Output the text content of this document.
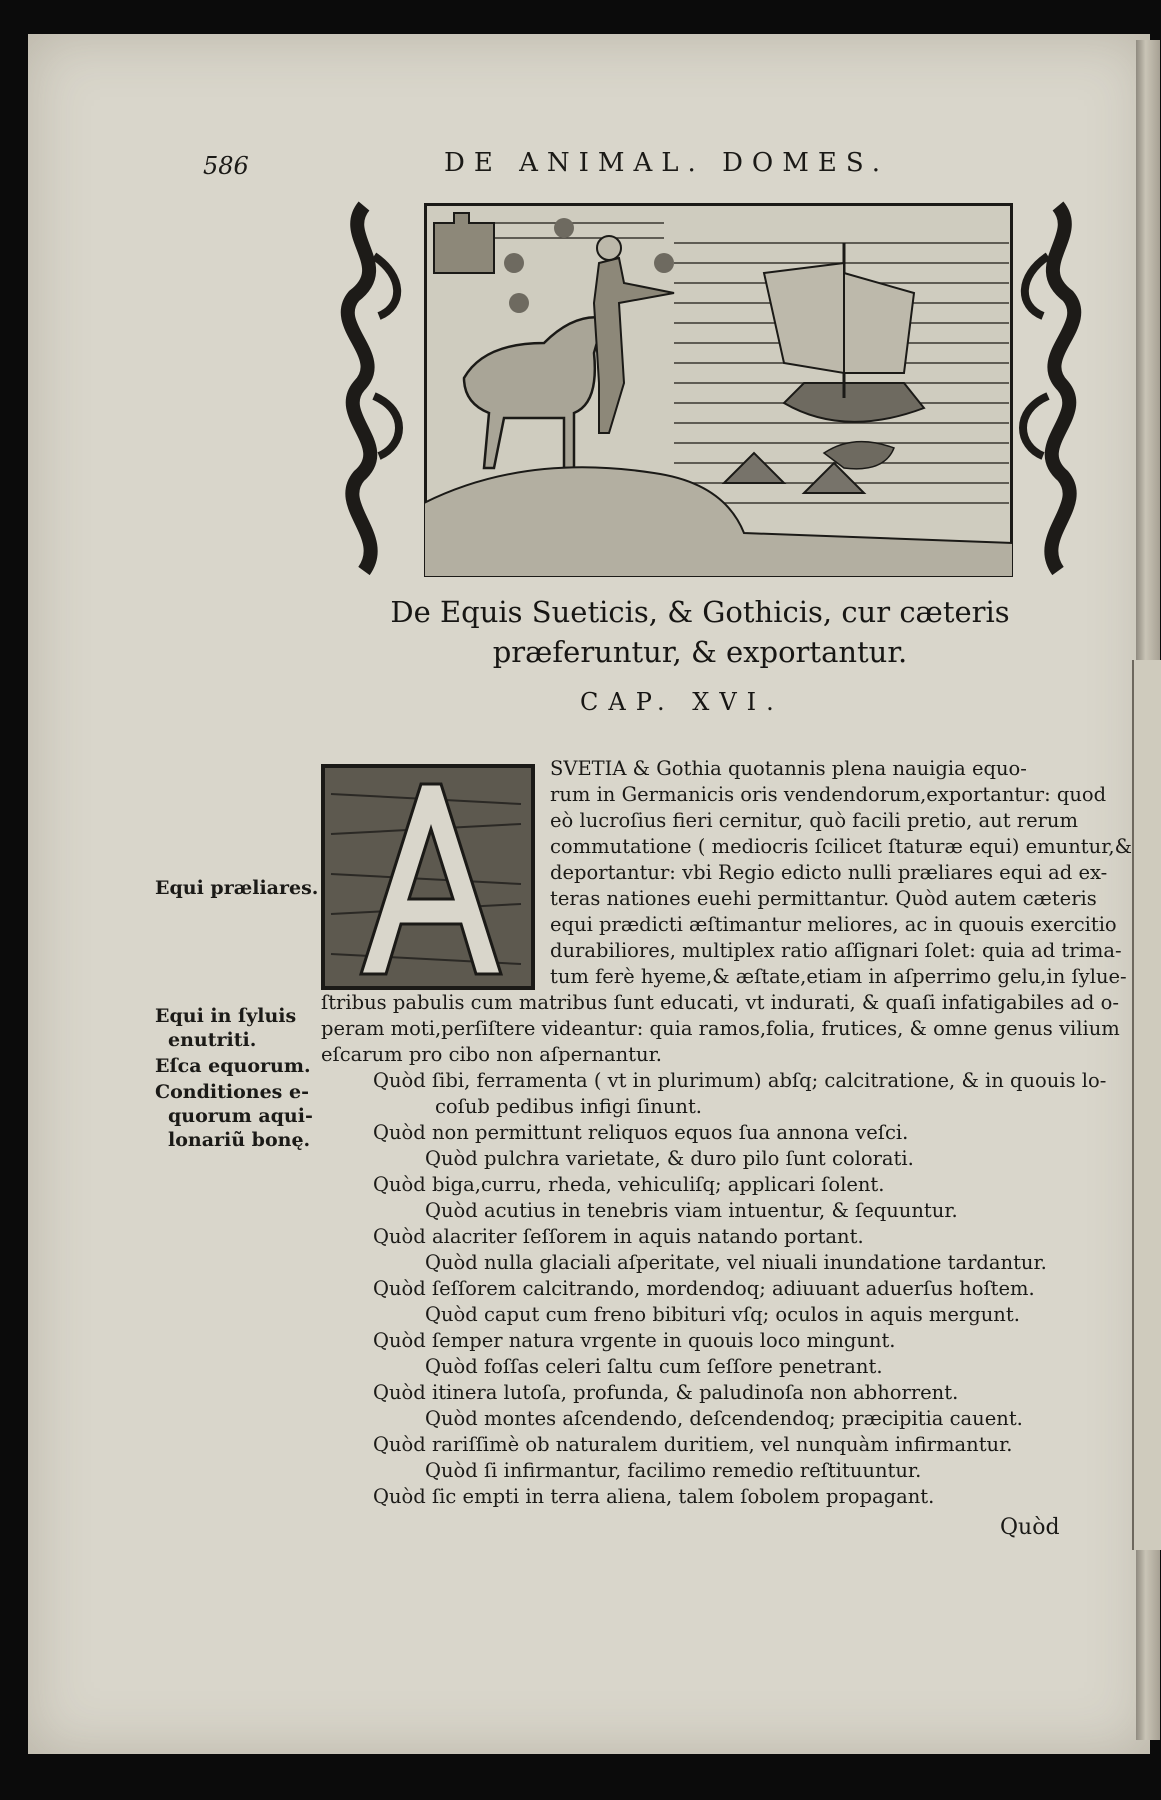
586	DE ANIMAL. DOMES.
De Equis Sueticis, & Gothicis, cur cæteris
præferuntur, & exportantur.
CAP. XVI.
SVETIA & Gothia quotannis plena nauigia equo-
rum in Germanicis oris vendendorum,exportantur: quod
eò lucroſius fieri cernitur, quò facili pretio, aut rerum
commutatione ( mediocris ſcilicet ſtaturæ equi) emuntur,&
deportantur: vbi Regio edicto nulli præliares equi ad ex-
teras nationes euehi permittantur. Quòd autem cæteris
equi prædicti æſtimantur meliores, ac in quouis exercitio
durabiliores, multiplex ratio aſſignari ſolet: quia ad trima-
tum ferè hyeme,& æſtate,etiam in aſperrimo gelu,in ſylue-
ſtribus pabulis cum matribus ſunt educati, vt indurati, & quaſi infatigabiles ad o-
peram moti,perſiſtere videantur: quia ramos,folia, frutices, & omne genus vilium
eſcarum pro cibo non aſpernantur.
Quòd ſibi, ferramenta ( vt in plurimum) abſq; calcitratione, & in quouis lo-
coſub pedibus infigi ſinunt.
Quòd non permittunt reliquos equos ſua annona veſci.
Quòd pulchra varietate, & duro pilo ſunt colorati.
Quòd biga,curru, rheda, vehiculiſq; applicari ſolent.
Quòd acutius in tenebris viam intuentur, & ſequuntur.
Quòd alacriter ſeſſorem in aquis natando portant.
Quòd nulla glaciali aſperitate, vel niuali inundatione tardantur.
Quòd ſeſſorem calcitrando, mordendoq; adiuuant aduerſus hoſtem.
Quòd caput cum freno bibituri vſq; oculos in aquis mergunt.
Quòd ſemper natura vrgente in quouis loco mingunt.
Quòd foſſas celeri ſaltu cum ſeſſore penetrant.
Quòd itinera lutoſa, profunda, & paludinoſa non abhorrent.
Quòd montes aſcendendo, deſcendendoq; præcipitia cauent.
Quòd rariſſimè ob naturalem duritiem, vel nunquàm infirmantur.
Quòd ſi infirmantur, facilimo remedio reſtituuntur.
Quòd ſic empti in terra aliena, talem ſobolem propagant.
Equi præliares.
Equi in ſyluis
enutriti.
Eſca equorum.
Conditiones e-
quorum aqui-
lonariũ bonę.
Quòd
